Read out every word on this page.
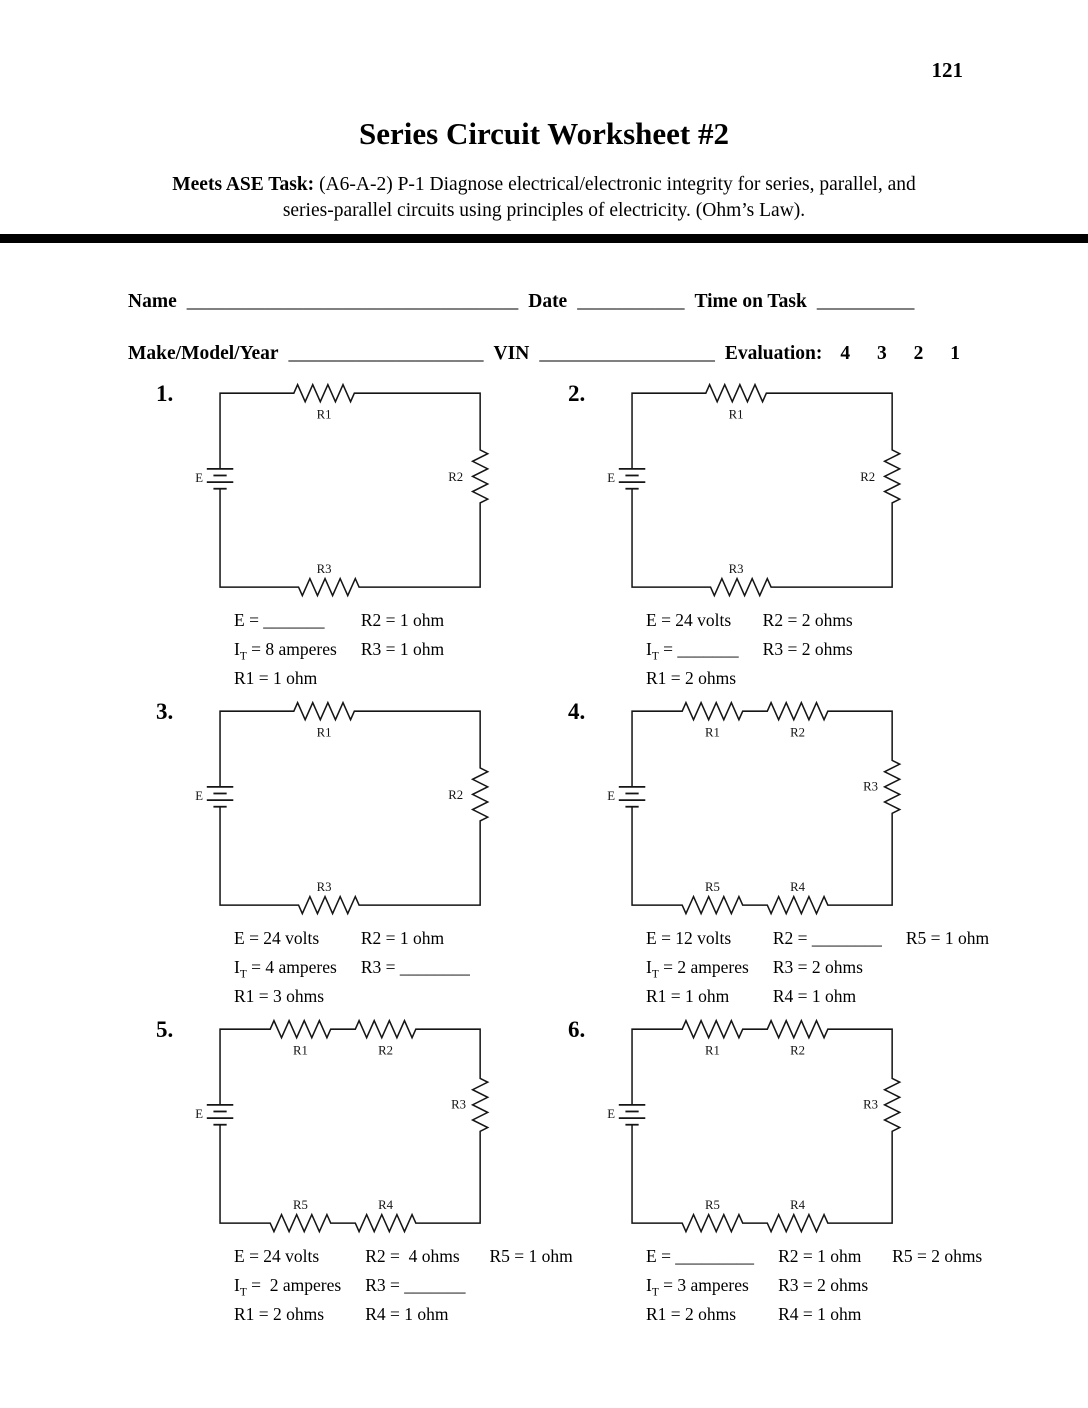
121
Series Circuit Worksheet #2
Meets ASE Task: (A6-A-2) P-1 Diagnose electrical/electronic integrity for series, parallel, and
series-parallel circuits using principles of electricity. (Ohm’s Law).
Name __________________________________ Date ___________ Time on Task __________
Make/Model/Year ____________________ VIN __________________ Evaluation: 4 3 2 1
1.
R1
R2
R3
E
E = _______
$I_T = 8$ amperes
R1 = 1 ohm
R2 = 1 ohm
R3 = 1 ohm
2.
R1
R2
R3
E
E = 24 volts
$I_T$ = _______
R1 = 2 ohms
R2 = 2 ohms
R3 = 2 ohms
3.
R1
R2
R3
E
E = 24 volts
$I_T = 4$ amperes
R1 = 3 ohms
R2 = 1 ohm
R3 = ________
4.
R1	R2
R3
R5	R4
E
E = 12 volts
$I_T = 2$ amperes
R1 = 1 ohm
R2 = ________
R3 = 2 ohms
R4 = 1 ohm
R5 = 1 ohm
5.
R1	R2
R3
R5	R4
E
E = 24 volts
$I_T = 2$ amperes
R1 = 2 ohms
R2 =  4 ohms
R3 = _______
R4 = 1 ohm
R5 = 1 ohm
6.
R1	R2
R3
R5	R4
E
E = _________
$I_T = 3$ amperes
R1 = 2 ohms
R2 = 1 ohm
R3 = 2 ohms
R4 = 1 ohm
R5 = 2 ohms
